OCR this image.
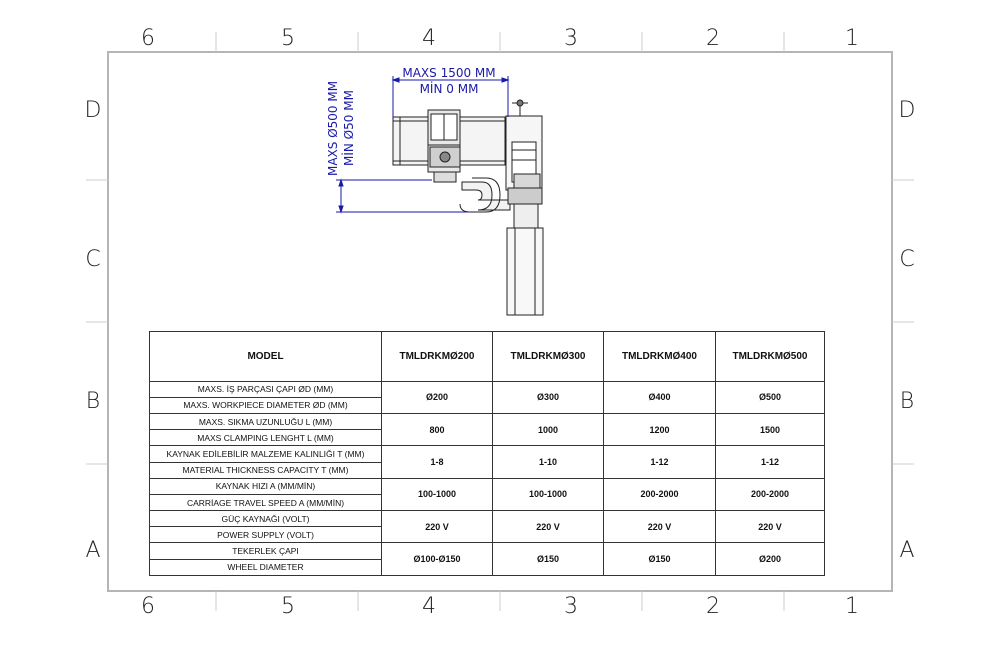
6	5	4	3	2	1
6	5	4	3	2	1
D
C
B
A
D
C
B
A
MAXS 1500 MM
MİN 0 MM
MAXS Ø500 MM MİN Ø50 MM
MODEL	TMLDRKMØ200	TMLDRKMØ300	TMLDRKMØ400	TMLDRKMØ500
MAXS. İŞ PARÇASI ÇAPI ØD (MM)	Ø200	Ø300	Ø400	Ø500
MAXS. WORKPIECE DIAMETER ØD (MM)				
MAXS. SIKMA UZUNLUĞU L (MM)	800	1000	1200	1500
MAXS CLAMPING LENGHT L (MM)				
KAYNAK EDİLEBİLİR MALZEME KALINLIĞI T (MM)	1-8	1-10	1-12	1-12
MATERIAL THICKNESS CAPACITY T (MM)				
KAYNAK HIZI A (MM/MİN)	100-1000	100-1000	200-2000	200-2000
CARRİAGE TRAVEL SPEED A (MM/MİN)				
GÜÇ KAYNAĞI (VOLT)	220 V	220 V	220 V	220 V
POWER SUPPLY (VOLT)				
TEKERLEK ÇAPI	Ø100-Ø150	Ø150	Ø150	Ø200
WHEEL DIAMETER				
